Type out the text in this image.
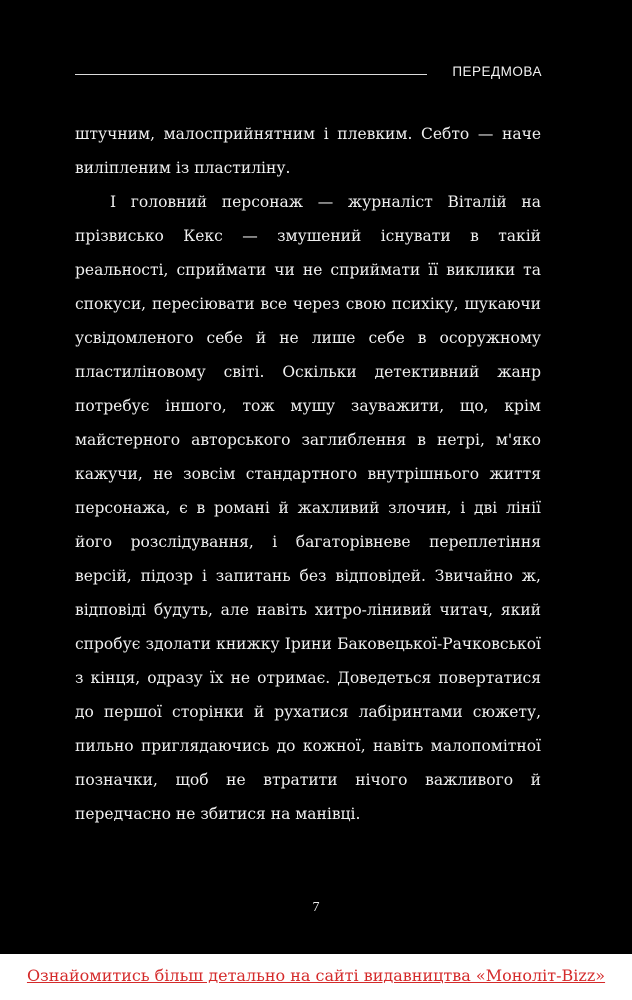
ПЕРЕДМОВА

штучним, малосприйнятним і плевким. Себто — наче виліпленим із пластиліну.

І головний персонаж — журналіст Віталій на прізвисько Кекс — змушений існувати в такій реальності, сприймати чи не сприймати її виклики та спокуси, пересіювати все через свою психіку, шукаючи усвідомленого себе й не лише себе в осоружному пластиліновому світі. Оскільки детективний жанр потребує іншого, тож мушу зауважити, що, крім майстерного авторського заглиблення в нетрі, м'яко кажучи, не зовсім стандартного внутрішнього життя персонажа, є в романі й жахливий злочин, і дві лінії його розслідування, і багаторівневе переплетіння версій, підозр і запитань без відповідей. Звичайно ж, відповіді будуть, але навіть хитро-лінивий читач, який спробує здолати книжку Ірини Баковецької-Рачковської з кінця, одразу їх не отримає. Доведеться повертатися до першої сторінки й рухатися лабіринтами сюжету, пильно приглядаючись до кожної, навіть малопомітної позначки, щоб не втратити нічого важливого й передчасно не збитися на манівці.

7
Ознайомитись більш детально на сайті видавництва «Моноліт-Bizz»
